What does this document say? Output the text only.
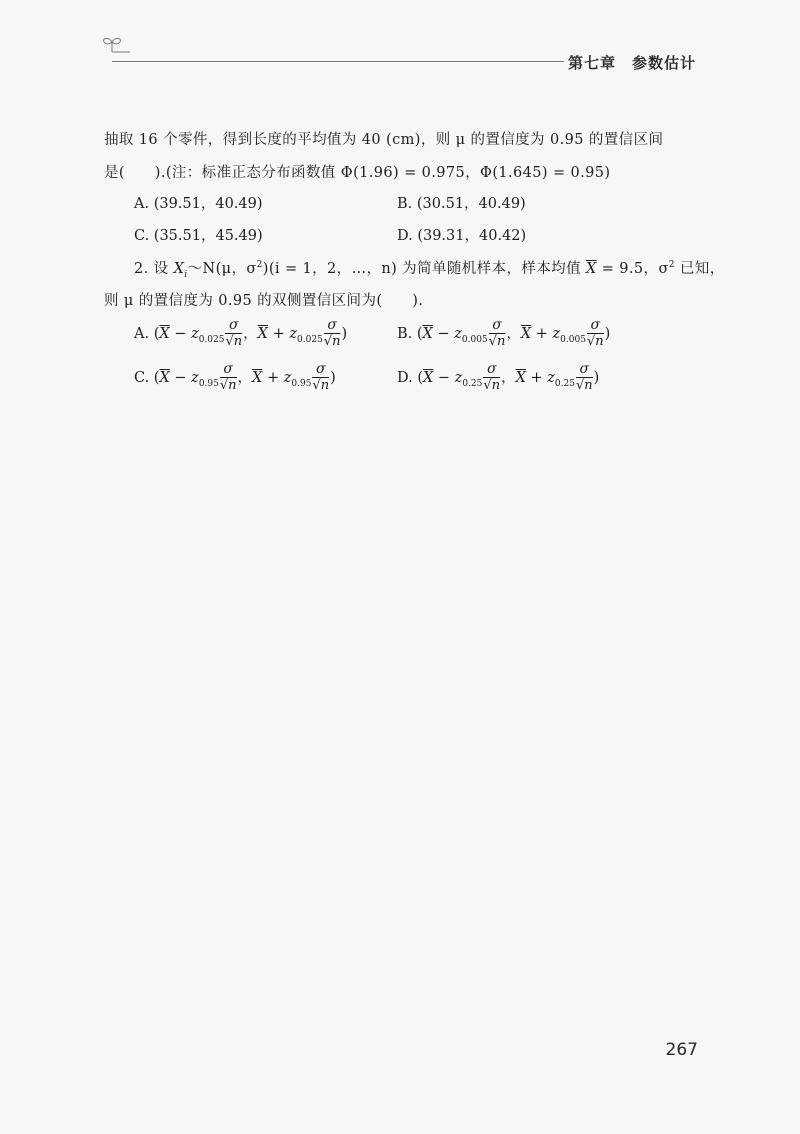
第七章　参数估计
抽取 16 个零件，得到长度的平均值为 40 (cm)，则 μ 的置信度为 0.95 的置信区间
是(　　).(注：标准正态分布函数值 Φ(1.96) = 0.975，Φ(1.645) = 0.95)
A. (39.51，40.49)	B. (30.51，40.49)
C. (35.51，45.49)	D. (39.31，40.42)
2. 设 $X_i\sim N(\mu$，$\sigma^2)(i = 1$，2，…，n) 为简单随机样本，样本均值 $\overline{X} = 9.5$，$\sigma^2$ 已知，
则 μ 的置信度为 0.95 的双侧置信区间为(　　).
A. ($\overline{X} - z_{0.025} \frac{\sigma}{√n}$ ，$\overline{X} + z_{0.025} \frac{\sigma}{√n}$ )	B. ($\overline{X} - z_{0.005} \frac{\sigma}{√n}$ ，$\overline{X} + z_{0.005} \frac{\sigma}{√n}$ )
C. ($\overline{X} - z_{0.95} \frac{\sigma}{√n}$ ，$\overline{X} + z_{0.95} \frac{\sigma}{√n}$ )	D. ($\overline{X} - z_{0.25} \frac{\sigma}{√n}$ ，$\overline{X} + z_{0.25} \frac{\sigma}{√n}$ )
267
